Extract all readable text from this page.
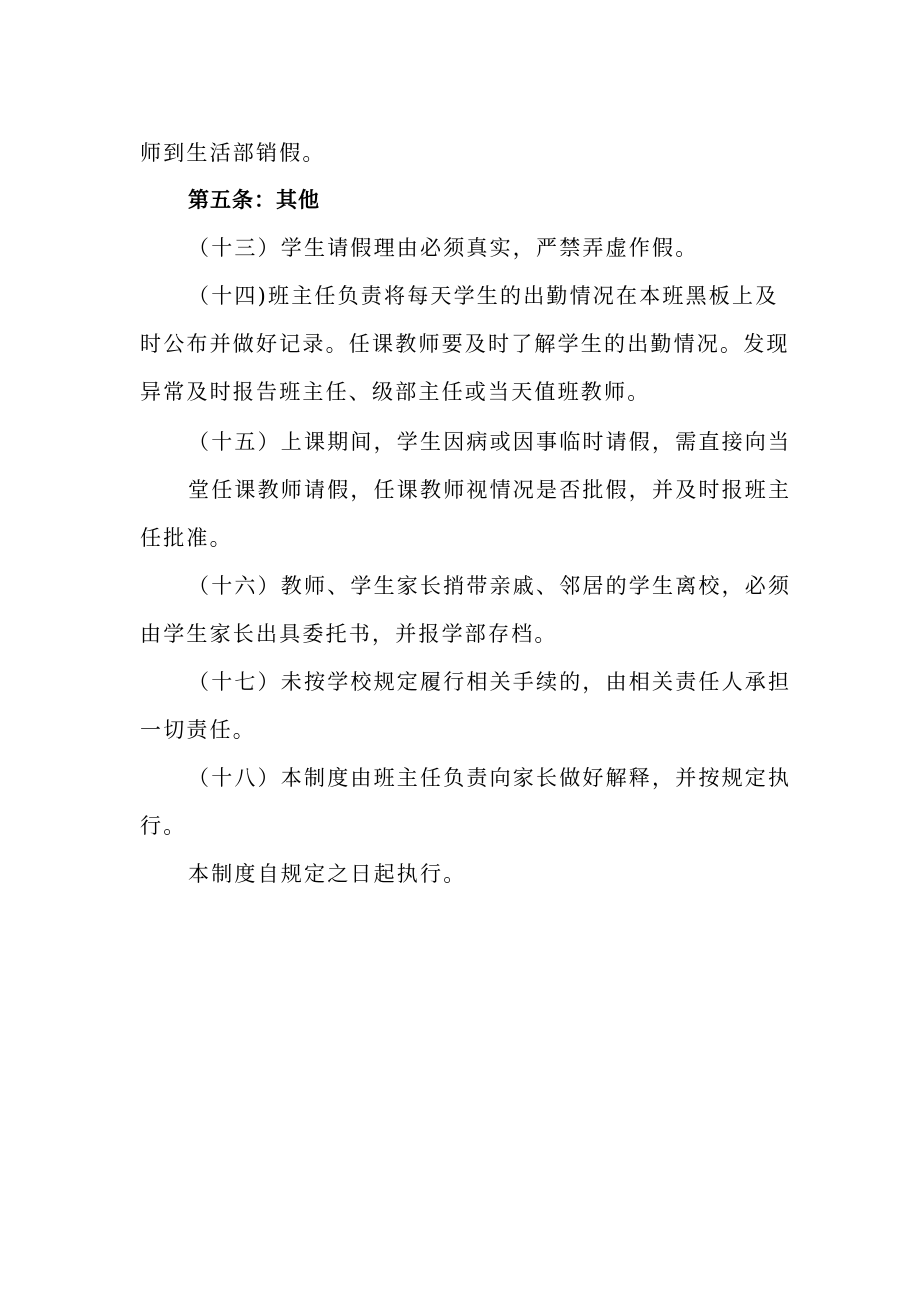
师到生活部销假。
第五条：其他
（十三）学生请假理由必须真实，严禁弄虚作假。
（十四)班主任负责将每天学生的出勤情况在本班黑板上及
时公布并做好记录。任课教师要及时了解学生的出勤情况。发现
异常及时报告班主任、级部主任或当天值班教师。
（十五）上课期间，学生因病或因事临时请假，需直接向当
堂任课教师请假，任课教师视情况是否批假，并及时报班主
任批准。
（十六）教师、学生家长捎带亲戚、邻居的学生离校，必须
由学生家长出具委托书，并报学部存档。
（十七）未按学校规定履行相关手续的，由相关责任人承担
一切责任。
（十八）本制度由班主任负责向家长做好解释，并按规定执
行。
本制度自规定之日起执行。
